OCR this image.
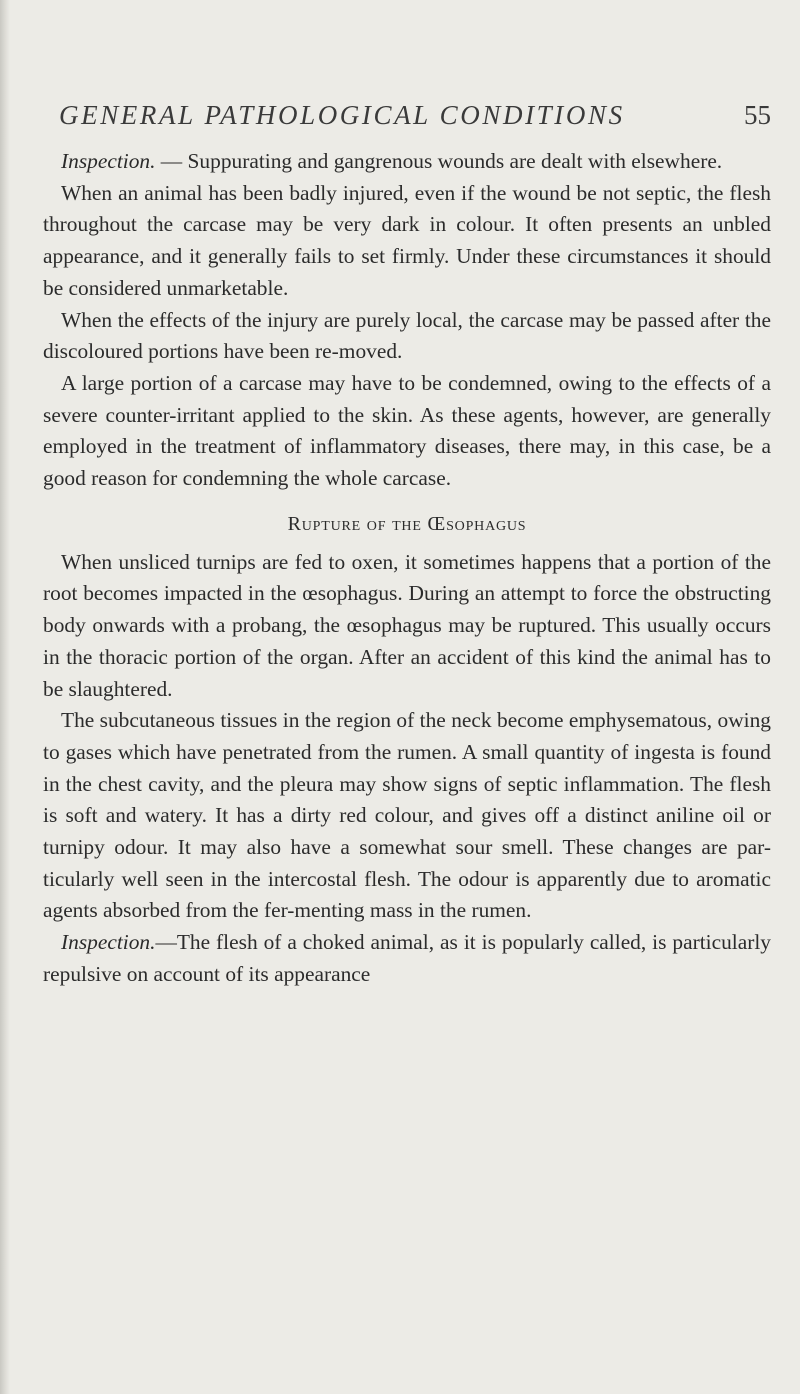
GENERAL PATHOLOGICAL CONDITIONS	55

Inspection. — Suppurating and gangrenous wounds are dealt with elsewhere.

When an animal has been badly injured, even if the wound be not septic, the flesh throughout the carcase may be very dark in colour. It often presents an unbled appearance, and it generally fails to set firmly. Under these circumstances it should be considered unmarketable.

When the effects of the injury are purely local, the carcase may be passed after the discoloured portions have been re-moved.

A large portion of a carcase may have to be condemned, owing to the effects of a severe counter-irritant applied to the skin. As these agents, however, are generally employed in the treatment of inflammatory diseases, there may, in this case, be a good reason for condemning the whole carcase.

Rupture of the Œsophagus

When unsliced turnips are fed to oxen, it sometimes happens that a portion of the root becomes impacted in the œsophagus. During an attempt to force the obstructing body onwards with a probang, the œsophagus may be ruptured. This usually occurs in the thoracic portion of the organ. After an accident of this kind the animal has to be slaughtered.

The subcutaneous tissues in the region of the neck become emphysematous, owing to gases which have penetrated from the rumen. A small quantity of ingesta is found in the chest cavity, and the pleura may show signs of septic inflammation. The flesh is soft and watery. It has a dirty red colour, and gives off a distinct aniline oil or turnipy odour. It may also have a somewhat sour smell. These changes are par-ticularly well seen in the intercostal flesh. The odour is apparently due to aromatic agents absorbed from the fer-menting mass in the rumen.

Inspection.—The flesh of a choked animal, as it is popularly called, is particularly repulsive on account of its appearance
